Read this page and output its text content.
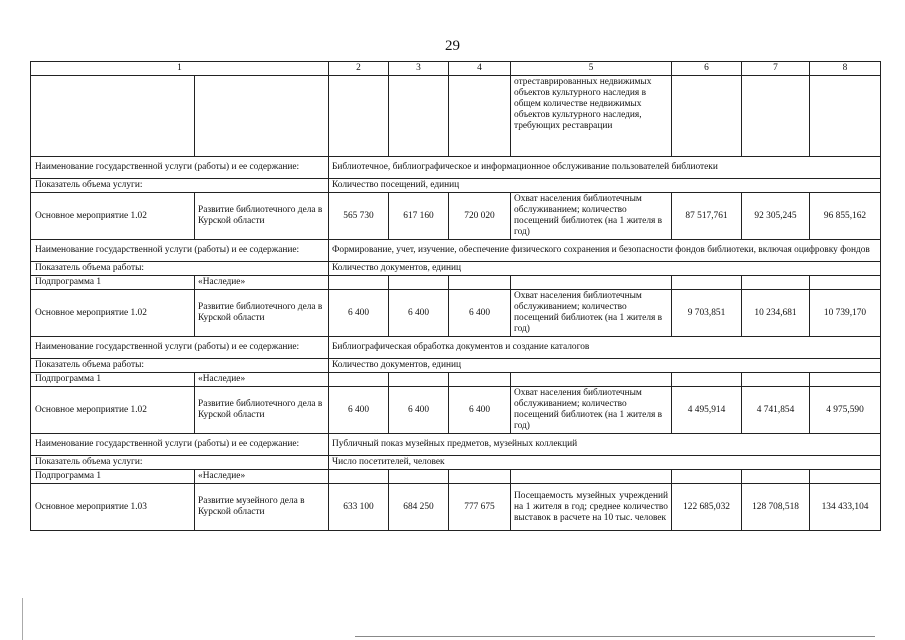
29
1		2	3	4	5	6	7	8
					отреставрированных недвижимых объектов культурного наследия в общем количестве недвижимых объектов культурного наследия, требующих реставрации			
Наименование государственной услуги (работы) и ее содержание:		Библиотечное, библиографическое и информационное обслуживание пользователей библиотеки						
Показатель объема услуги:		Количество посещений, единиц						
Основное мероприятие 1.02	Развитие библиотечного дела в Курской области	565 730	617 160	720 020	Охват населения библиотечным обслуживанием; количество посещений библиотек (на 1 жителя в год)	87 517,761	92 305,245	96 855,162
Наименование государственной услуги (работы) и ее содержание:		Формирование, учет, изучение, обеспечение физического сохранения и безопасности фондов библиотеки, включая оцифровку фондов						
Показатель объема работы:		Количество документов, единиц						
Подпрограмма 1	«Наследие»							
Основное мероприятие 1.02	Развитие библиотечного дела в Курской области	6 400	6 400	6 400	Охват населения библиотечным обслуживанием; количество посещений библиотек (на 1 жителя в год)	9 703,851	10 234,681	10 739,170
Наименование государственной услуги (работы) и ее содержание:		Библиографическая обработка документов и создание каталогов						
Показатель объема работы:		Количество документов, единиц						
Подпрограмма 1	«Наследие»							
Основное мероприятие 1.02	Развитие библиотечного дела в Курской области	6 400	6 400	6 400	Охват населения библиотечным обслуживанием; количество посещений библиотек (на 1 жителя в год)	4 495,914	4 741,854	4 975,590
Наименование государственной услуги (работы) и ее содержание:		Публичный показ музейных предметов, музейных коллекций						
Показатель объема услуги:		Число посетителей, человек						
Подпрограмма 1	«Наследие»							
Основное мероприятие 1.03	Развитие музейного дела в Курской области	633 100	684 250	777 675	Посещаемость музейных учреждений на 1 жителя в год; среднее количество выставок в расчете на 10 тыс. человек	122 685,032	128 708,518	134 433,104
